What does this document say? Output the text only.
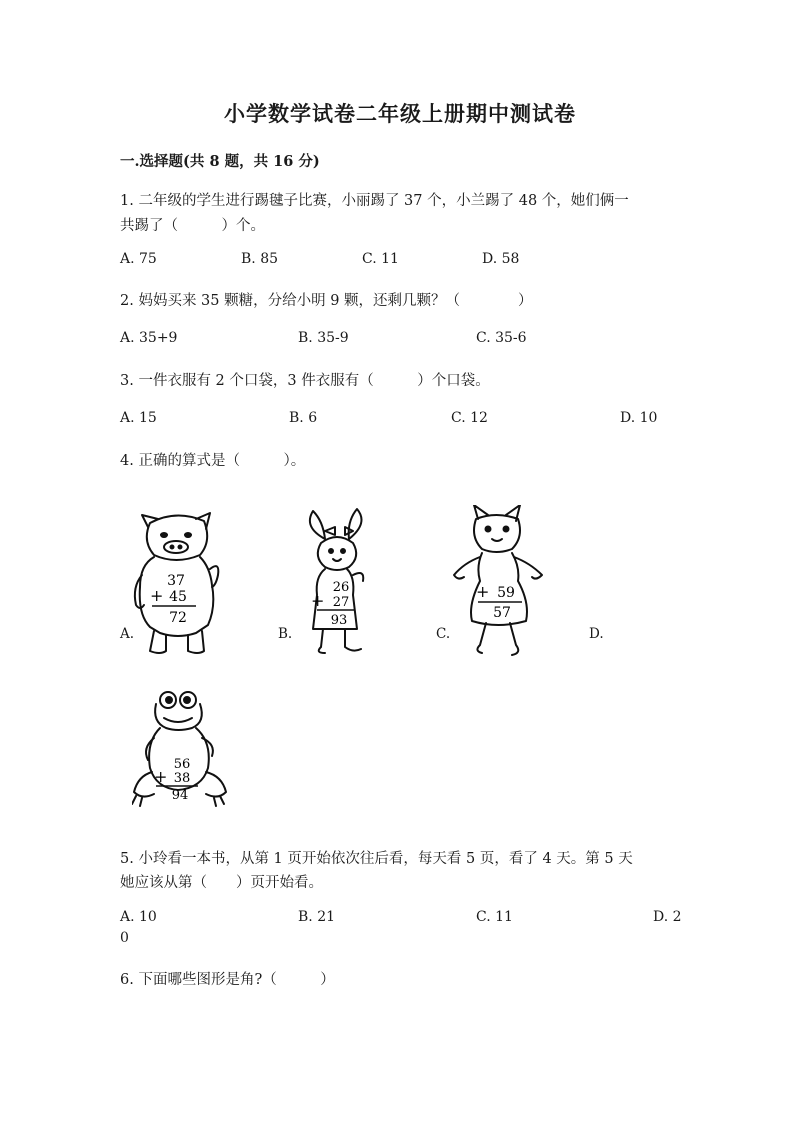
小学数学试卷二年级上册期中测试卷
一.选择题(共 8 题，共 16 分)
1. 二年级的学生进行踢毽子比赛，小丽踢了 37 个，小兰踢了 48 个，她们俩一
共踢了（　　　）个。
A. 75	B. 85	C. 11	D. 58
2. 妈妈买来 35 颗糖，分给小明 9 颗，还剩几颗？（　　　　）
A. 35+9	B. 35-9	C. 35-6
3. 一件衣服有 2 个口袋，3 件衣服有（　　　）个口袋。
A. 15	B. 6	C. 12	D. 10
4. 正确的算式是（　　　）。
A.	B.	C.	D.
37
+ 45
72
26
+ 27
93
+ 59
57
56
+ 38
94
5. 小玲看一本书，从第 1 页开始依次往后看，每天看 5 页，看了 4 天。第 5 天
她应该从第（　　）页开始看。
A. 10	B. 21	C. 11	D. 2
0
6. 下面哪些图形是角?（　　　）
